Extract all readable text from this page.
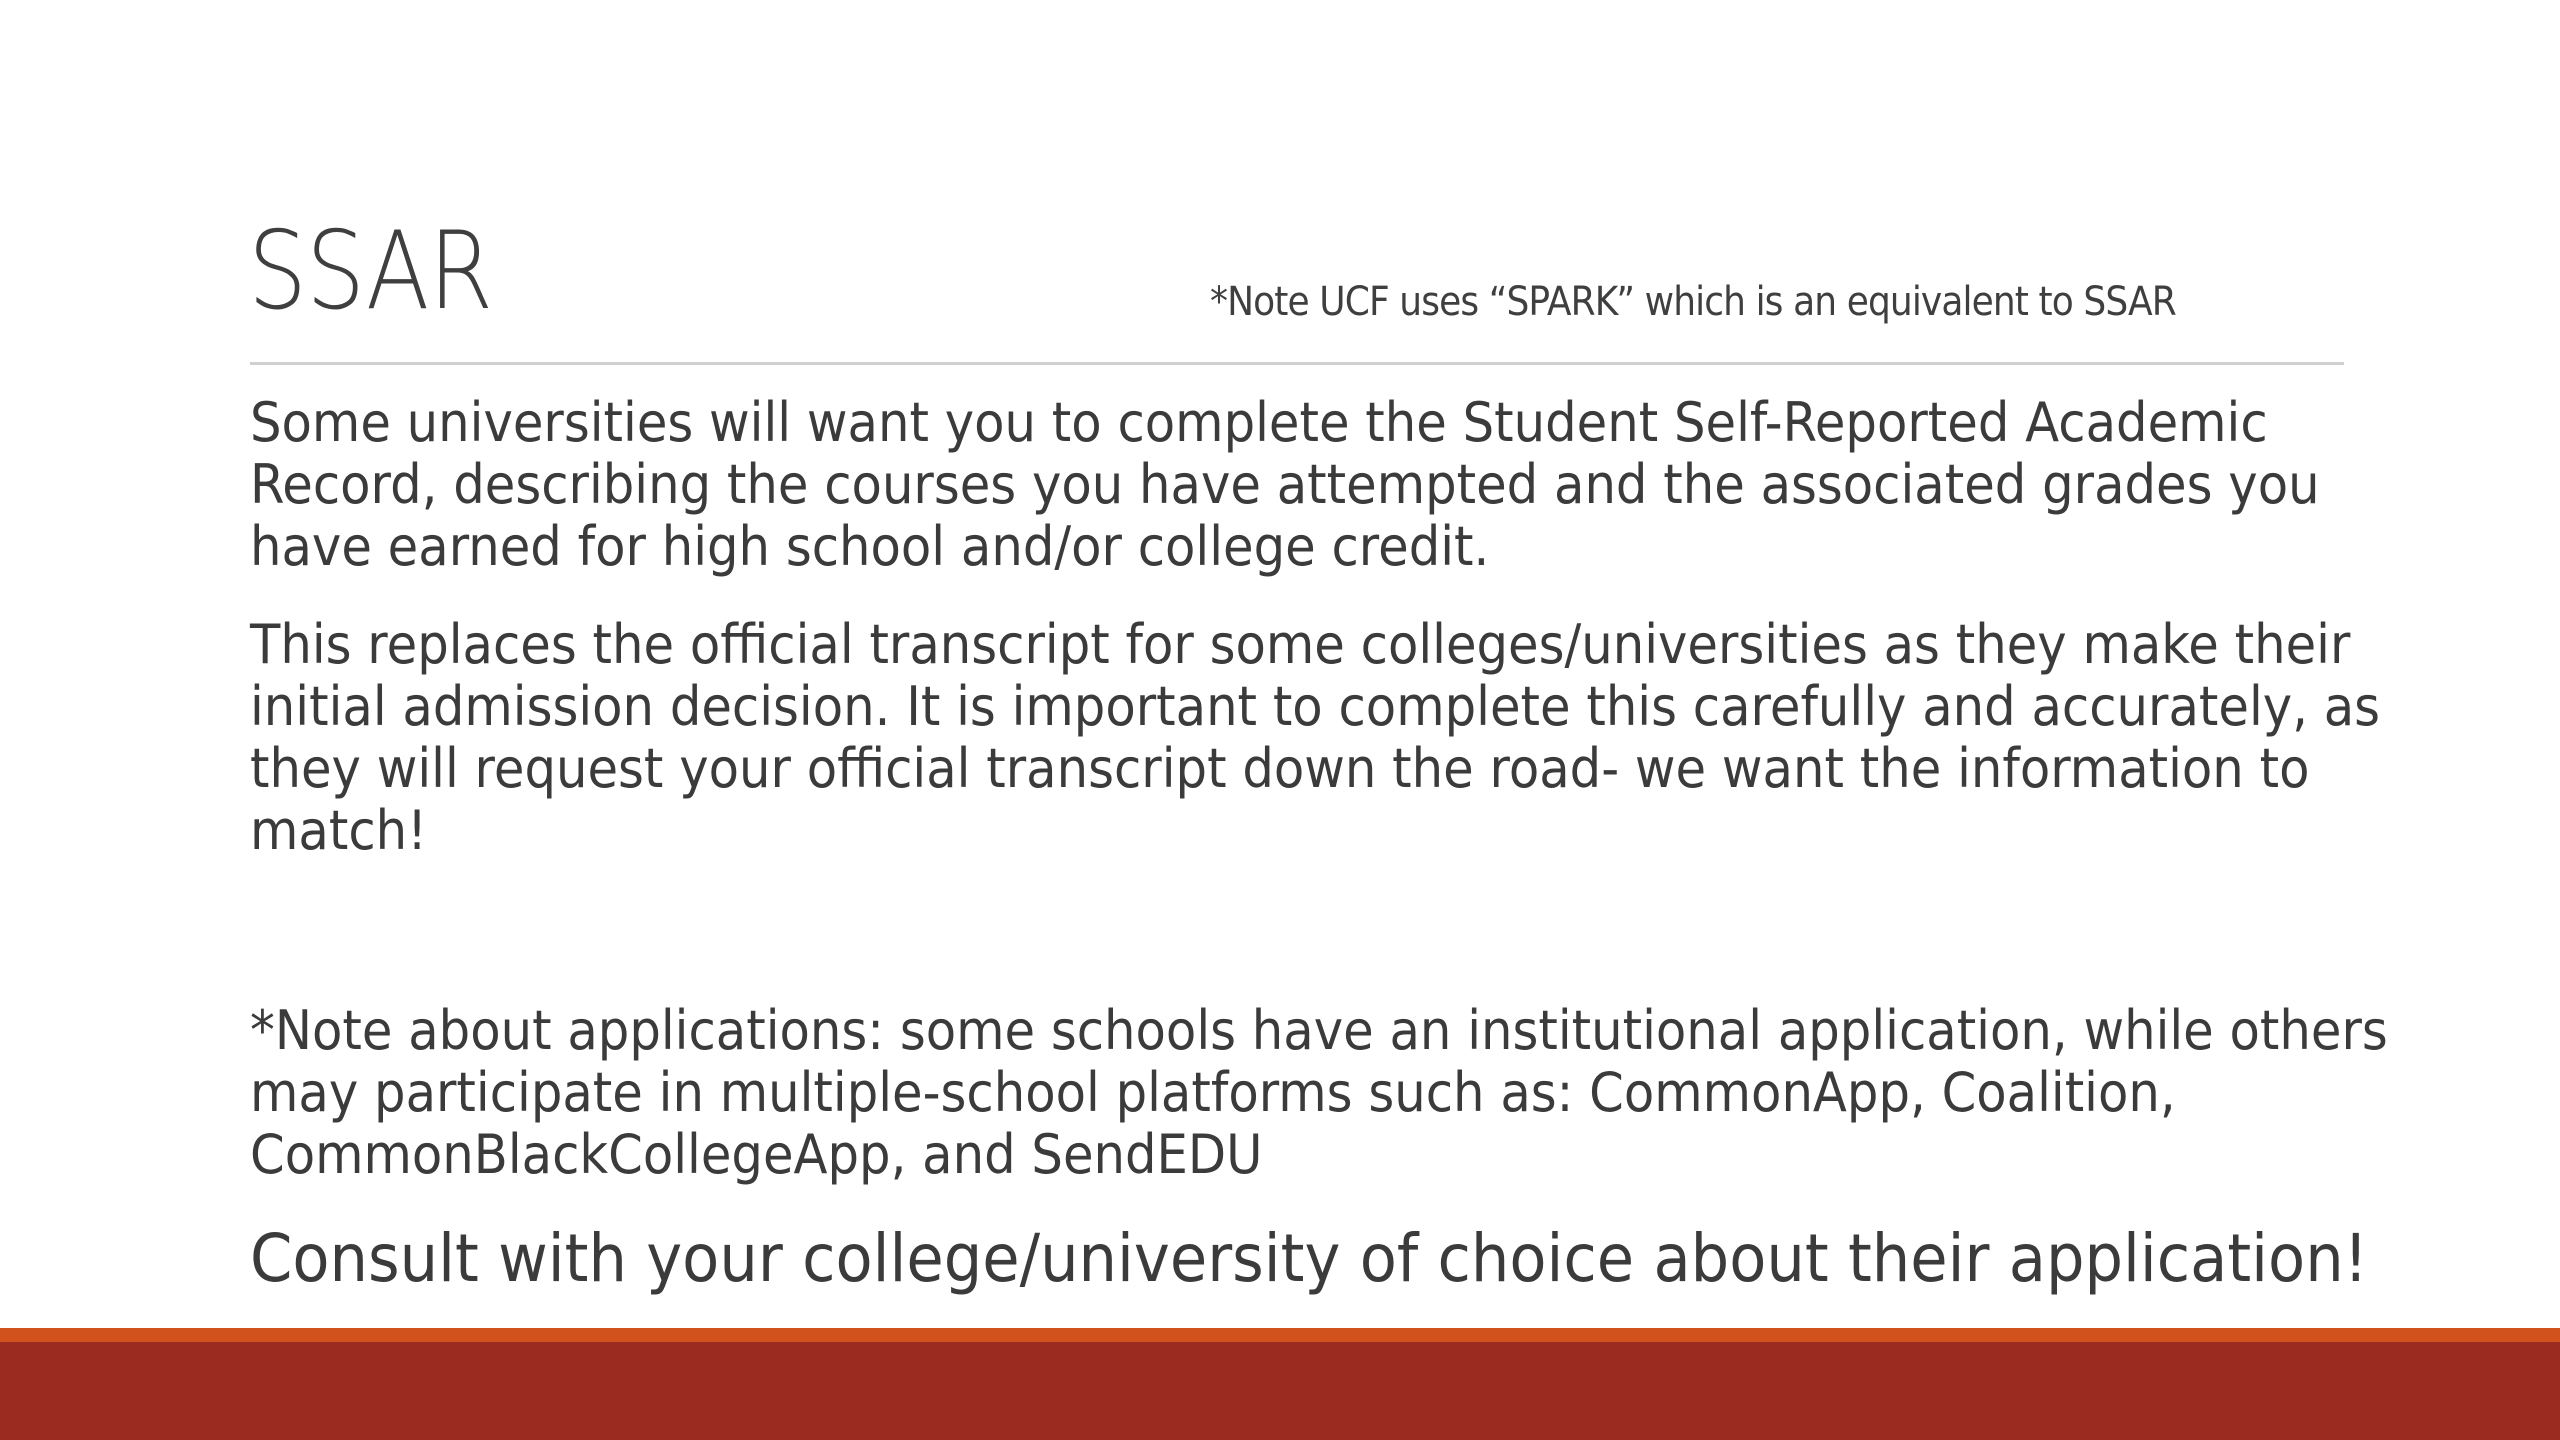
SSAR	*Note UCF uses “SPARK” which is an equivalent to SSAR

Some universities will want you to complete the Student Self-Reported Academic Record, describing the courses you have attempted and the associated grades you have earned for high school and/or college credit.

This replaces the official transcript for some colleges/universities as they make their initial admission decision. It is important to complete this carefully and accurately, as they will request your official transcript down the road- we want the information to match!

*Note about applications: some schools have an institutional application, while others may participate in multiple-school platforms such as: CommonApp, Coalition, CommonBlackCollegeApp, and SendEDU

Consult with your college/university of choice about their application!
